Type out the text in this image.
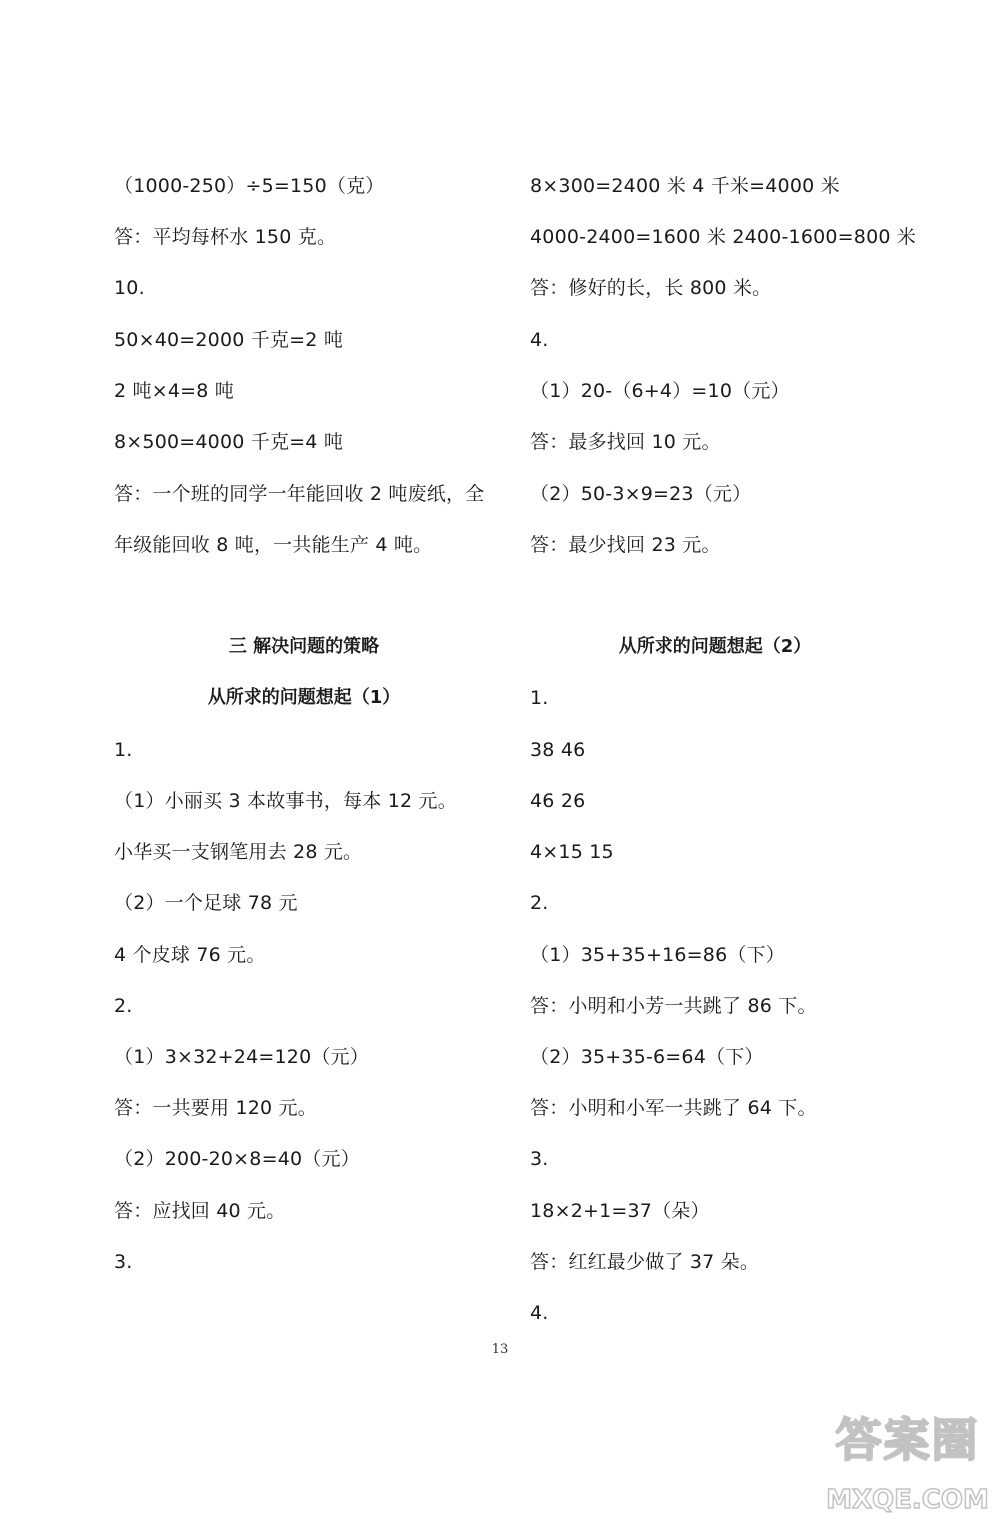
（1000-250）÷5=150（克）
答：平均每杯水 150 克。
10.
50×40=2000 千克=2 吨
2 吨×4=8 吨
8×500=4000 千克=4 吨
答：一个班的同学一年能回收 2 吨废纸，全
年级能回收 8 吨，一共能生产 4 吨。
三 解决问题的策略
从所求的问题想起（1）
1.
（1）小丽买 3 本故事书，每本 12 元。
小华买一支钢笔用去 28 元。
（2）一个足球 78 元
4 个皮球 76 元。
2.
（1）3×32+24=120（元）
答：一共要用 120 元。
（2）200-20×8=40（元）
答：应找回 40 元。
3.
8×300=2400 米 4 千米=4000 米
4000-2400=1600 米 2400-1600=800 米
答：修好的长，长 800 米。
4.
（1）20-（6+4）=10（元）
答：最多找回 10 元。
（2）50-3×9=23（元）
答：最少找回 23 元。
从所求的问题想起（2）
1.
38 46
46 26
4×15 15
2.
（1）35+35+16=86（下）
答：小明和小芳一共跳了 86 下。
（2）35+35-6=64（下）
答：小明和小军一共跳了 64 下。
3.
18×2+1=37（朵）
答：红红最少做了 37 朵。
4.
13
答案圈
MXQE.COM
